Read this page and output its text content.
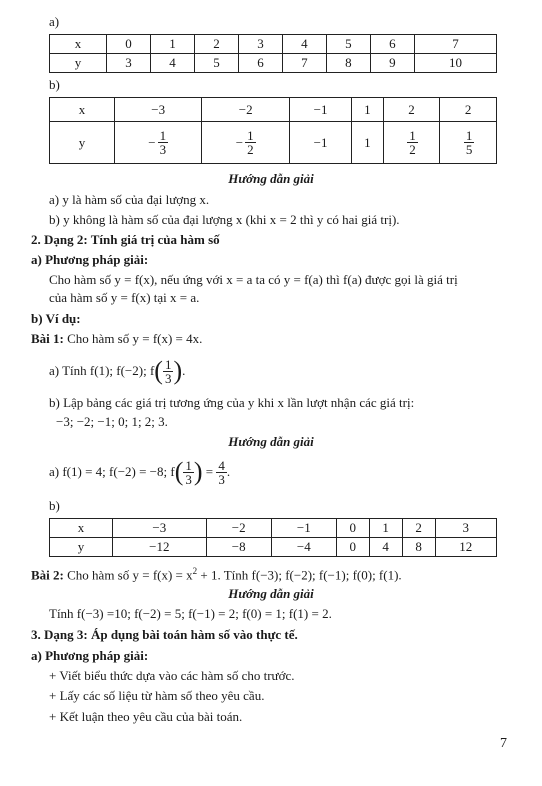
a)
x	0	1	2	3	4	5	6	7
y	3	4	5	6	7	8	9	10
b)
x	−3	−2	−1	1	2	2
y	− $\frac{1}{3}$	− $\frac{1}{2}$	−1	1	$\frac{1}{2}$	$\frac{1}{5}$
Hướng dẫn giải
a) y là hàm số của đại lượng x.
b) y không là hàm số của đại lượng x (khi x = 2 thì y có hai giá trị).
2. Dạng 2: Tính giá trị của hàm số
a) Phương pháp giải:
Cho hàm số y = f(x), nếu ứng với x = a ta có y = f(a) thì f(a) được gọi là giá trị
của hàm số y = f(x) tại x = a.
b) Ví dụ:
Bài 1: Cho hàm số y = f(x) = 4x.
a) Tính f(1); f(−2); f ( $\frac{1}{3}$ ) .
b) Lập bảng các giá trị tương ứng của y khi x lần lượt nhận các giá trị:
−3; −2; −1; 0; 1; 2; 3.
Hướng dẫn giải
a) f(1) = 4; f(−2) = −8; f ( $\frac{1}{3}$ ) = $\frac{4}{3}$ .
b)
x	−3	−2	−1	0	1	2	3
y	−12	−8	−4	0	4	8	12
Bài 2: Cho hàm số $y = f(x) = x^2 + 1$. Tính f(−3); f(−2); f(−1); f(0); f(1).
Hướng dẫn giải
Tính f(−3) =10; f(−2) = 5; f(−1) = 2; f(0) = 1; f(1) = 2.
3. Dạng 3: Áp dụng bài toán hàm số vào thực tế.
a) Phương pháp giải:
+ Viết biểu thức dựa vào các hàm số cho trước.
+ Lấy các số liệu từ hàm số theo yêu cầu.
+ Kết luận theo yêu cầu của bài toán.
7
